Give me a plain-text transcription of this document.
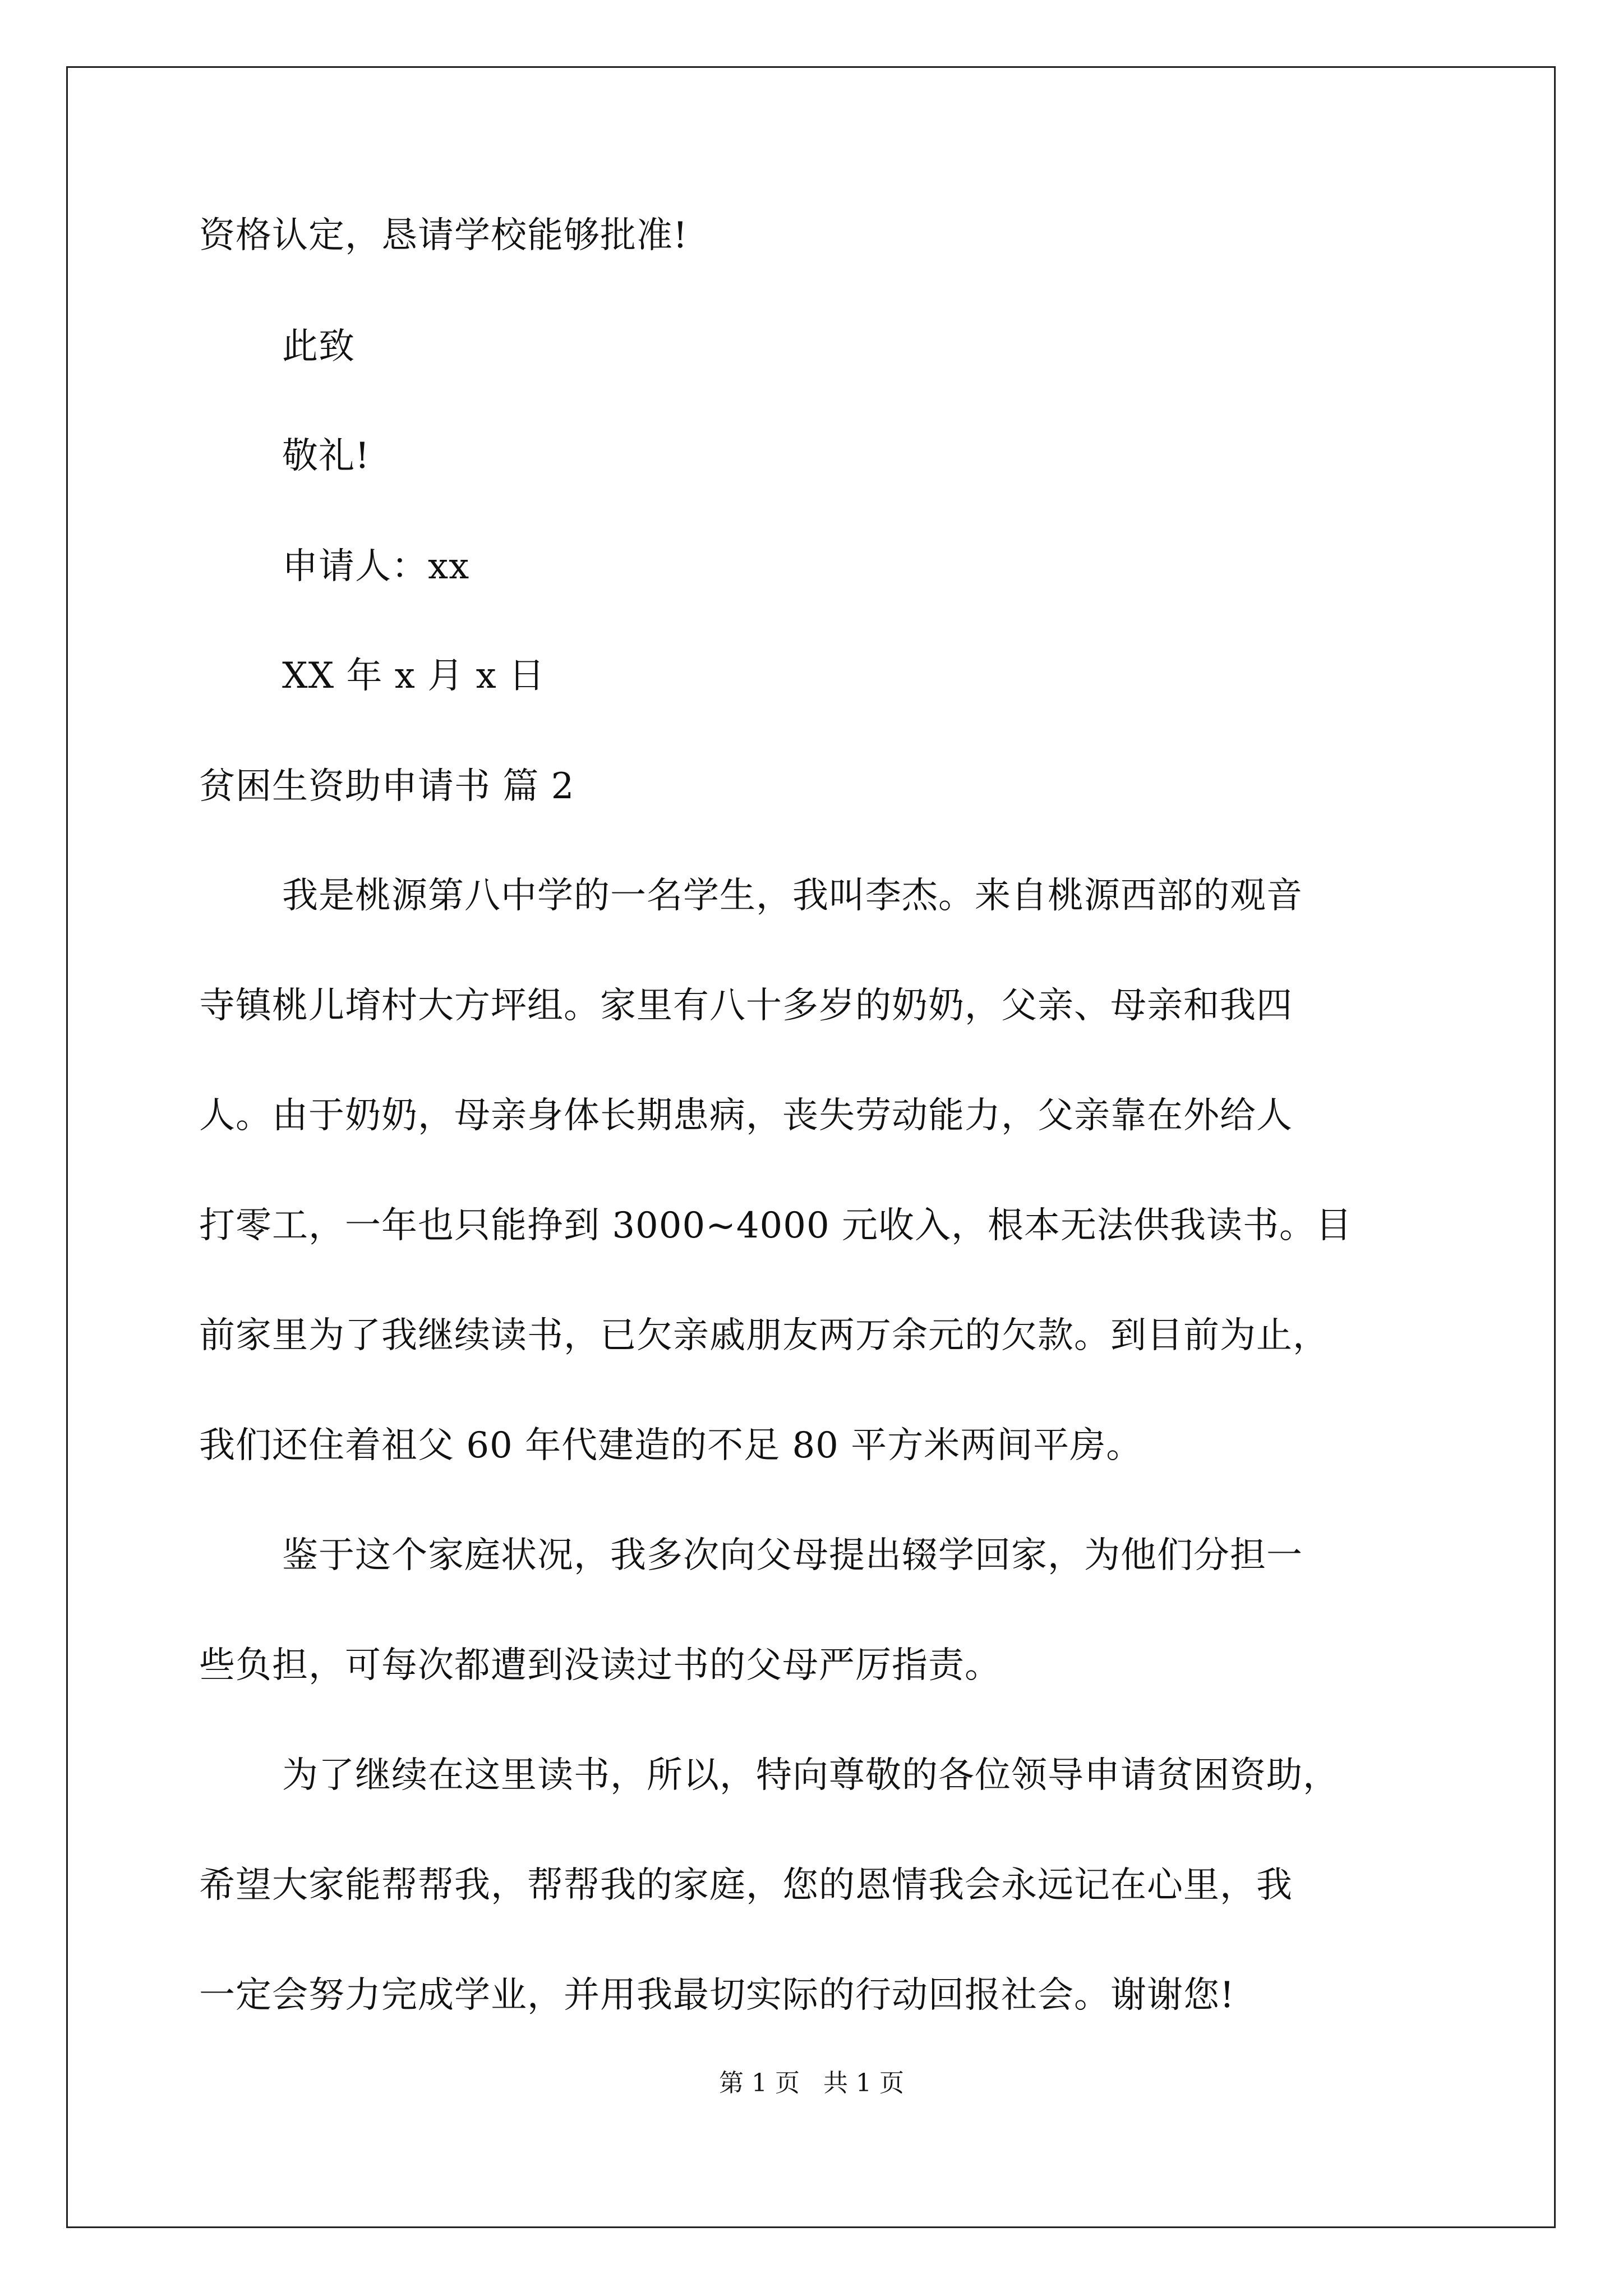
资格认定，恳请学校能够批准!
此致
敬礼!
申请人：xx
XX 年 x 月 x 日
贫困生资助申请书 篇 2
我是桃源第八中学的一名学生，我叫李杰。来自桃源西部的观音
寺镇桃儿堉村大方坪组。家里有八十多岁的奶奶，父亲、母亲和我四
人。由于奶奶，母亲身体长期患病，丧失劳动能力，父亲靠在外给人
打零工，一年也只能挣到 3000~4000 元收入，根本无法供我读书。目
前家里为了我继续读书，已欠亲戚朋友两万余元的欠款。到目前为止，
我们还住着祖父 60 年代建造的不足 80 平方米两间平房。
鉴于这个家庭状况，我多次向父母提出辍学回家，为他们分担一
些负担，可每次都遭到没读过书的父母严厉指责。
为了继续在这里读书，所以，特向尊敬的各位领导申请贫困资助，
希望大家能帮帮我，帮帮我的家庭，您的恩情我会永远记在心里，我
一定会努力完成学业，并用我最切实际的行动回报社会。谢谢您!
第 1 页   共 1 页
